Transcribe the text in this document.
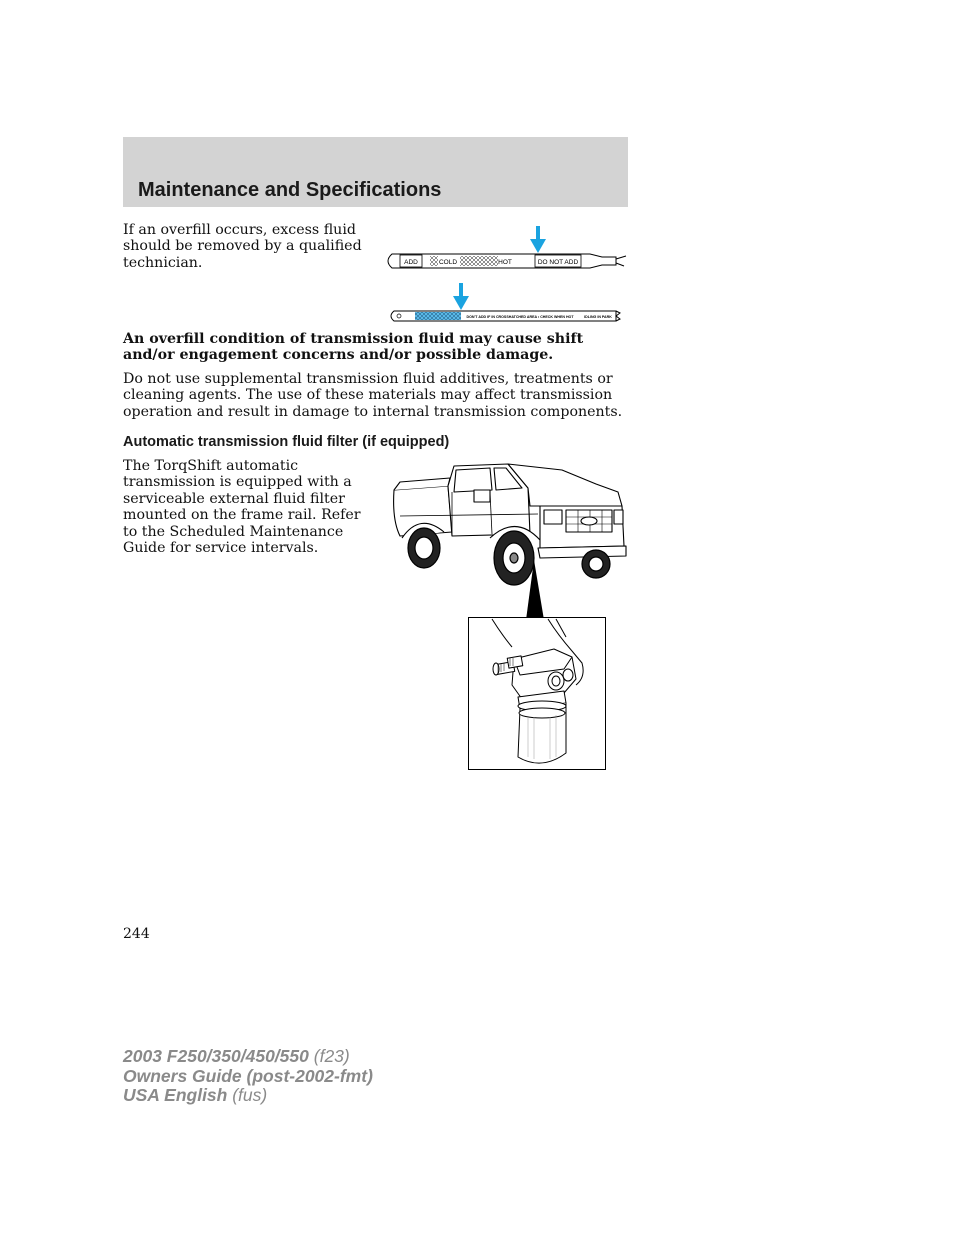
Maintenance and Specifications

If an overfill occurs, excess fluid should be removed by a qualified technician.	ADD	COLD	HOT	DO NOT ADD
DON'T ADD IF IN CROSSHATCHED AREA • CHECK WHEN HOT	IDLING IN PARK

An overfill condition of transmission fluid may cause shift and/or engagement concerns and/or possible damage.

Do not use supplemental transmission fluid additives, treatments or cleaning agents. The use of these materials may affect transmission operation and result in damage to internal transmission components.

Automatic transmission fluid filter (if equipped)

The TorqShift automatic transmission is equipped with a serviceable external fluid filter mounted on the frame rail. Refer to the Scheduled Maintenance Guide for service intervals.

244
2003 F250/350/450/550 (f23)
Owners Guide (post-2002-fmt)
USA English (fus)
